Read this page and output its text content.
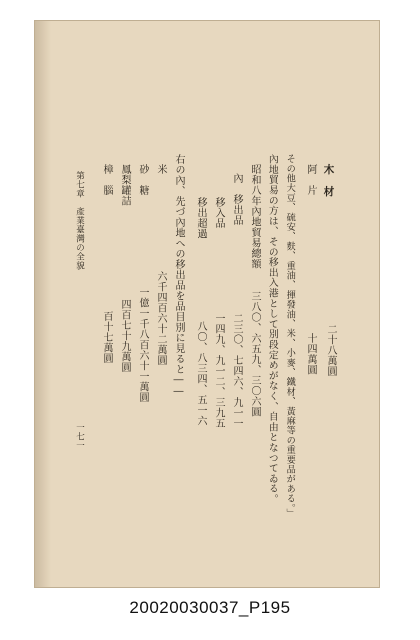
木　材
二十八萬圓
阿　片
十四萬圓
その他大豆、硫安、麩、重油、揮發油、米、小麥、鐵材、黃麻等の重要品がある。」
內地貿易の方は、その移出入港として別段定めがなく、自由となつてゐる。
昭和八年內地貿易總額
三八〇、六五九、三〇六圓
內　移出品
二三〇、七四六、九一一
移入品
一四九、九一二、三九五
移出超過
八〇、八三四、五一六
右の內、先づ內地への移出品を品目別に見ると――
米
六千四百六十二萬圓
砂　糖
一億一千八百六十一萬圓
鳳梨罐詰
四百七十九萬圓
樟　腦
百十七萬圓
第七章　產業臺灣の全貌
一七一
20020030037_P195
